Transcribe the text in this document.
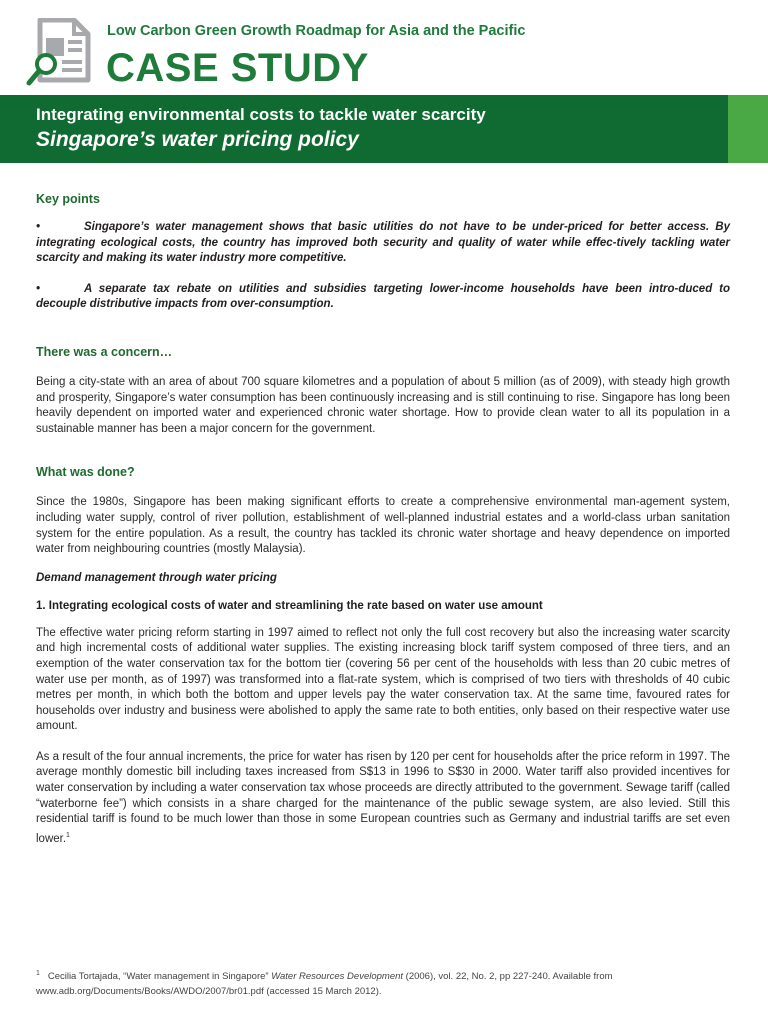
Low Carbon Green Growth Roadmap for Asia and the Pacific
CASE STUDY
Integrating environmental costs to tackle water scarcity
Singapore’s water pricing policy
Key points

•	Singapore’s water management shows that basic utilities do not have to be under-priced for better access. By integrating ecological costs, the country has improved both security and quality of water while effec-tively tackling water scarcity and making its water industry more competitive.

•	A separate tax rebate on utilities and subsidies targeting lower-income households have been intro-duced to decouple distributive impacts from over-consumption.

There was a concern…

Being a city-state with an area of about 700 square kilometres and a population of about 5 million (as of 2009), with steady high growth and prosperity, Singapore’s water consumption has been continuously increasing and is still continuing to rise. Singapore has long been heavily dependent on imported water and experienced chronic water shortage. How to provide clean water to all its population in a sustainable manner has been a major concern for the government.

What was done?

Since the 1980s, Singapore has been making significant efforts to create a comprehensive environmental man-agement system, including water supply, control of river pollution, establishment of well-planned industrial estates and a world-class urban sanitation system for the entire population. As a result, the country has tackled its chronic water shortage and heavy dependence on imported water from neighbouring countries (mostly Malaysia).

Demand management through water pricing
1. Integrating ecological costs of water and streamlining the rate based on water use amount

The effective water pricing reform starting in 1997 aimed to reflect not only the full cost recovery but also the increasing water scarcity and high incremental costs of additional water supplies. The existing increasing block tariff system composed of three tiers, and an exemption of the water conservation tax for the bottom tier (covering 56 per cent of the households with less than 20 cubic metres of water use per month, as of 1997) was transformed into a flat-rate system, which is comprised of two tiers with thresholds of 40 cubic metres per month, in which both the bottom and upper levels pay the water conservation tax. At the same time, favoured rates for households over industry and business were abolished to apply the same rate to both entities, only based on their respective water use amount.

As a result of the four annual increments, the price for water has risen by 120 per cent for households after the price reform in 1997. The average monthly domestic bill including taxes increased from S$13 in 1996 to S$30 in 2000. Water tariff also provided incentives for water conservation by including a water conservation tax whose proceeds are directly attributed to the government. Sewage tariff (called “waterborne fee”) which consists in a share charged for the maintenance of the public sewage system, are also levied. Still this residential tariff is found to be much lower than those in some European countries such as Germany and industrial tariffs are set even lower.$^1$

$^1$ Cecilia Tortajada, “Water management in Singapore” Water Resources Development (2006), vol. 22, No. 2, pp 227-240. Available from www.adb.org/Documents/Books/AWDO/2007/br01.pdf (accessed 15 March 2012).
